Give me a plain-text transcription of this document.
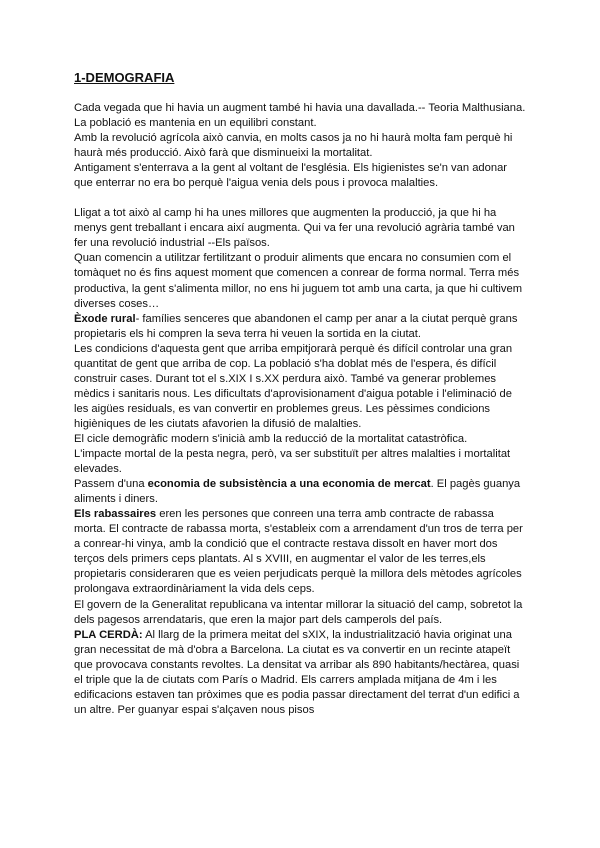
1-DEMOGRAFIA

Cada vegada que hi havia un augment també hi havia una davallada.-- Teoria Malthusiana. La població es mantenia en un equilibri constant.

Amb la revolució agrícola això canvia, en molts casos ja no hi haurà molta fam perquè hi haurà més producció. Això farà que disminueixi la mortalitat.

Antigament s'enterrava a la gent al voltant de l'església. Els higienistes se'n van adonar que enterrar no era bo perquè l'aigua venia dels pous i provoca malalties.

Lligat a tot això al camp hi ha unes millores que augmenten la producció, ja que hi ha menys gent treballant i encara així augmenta. Qui va fer una revolució agrària també van fer una revolució industrial --Els països.

Quan comencin a utilitzar fertilitzant o produir aliments que encara no consumien com el tomàquet no és fins aquest moment que comencen a conrear de forma normal. Terra més productiva, la gent s'alimenta millor, no ens hi juguem tot amb una carta, ja que hi cultivem diverses coses…

Èxode rural- famílies senceres que abandonen el camp per anar a la ciutat perquè grans propietaris els hi compren la seva terra hi veuen la sortida en la ciutat.

Les condicions d'aquesta gent que arriba empitjorarà perquè és difícil controlar una gran quantitat de gent que arriba de cop. La població s'ha doblat més de l'espera, és difícil construir cases. Durant tot el s.XIX I s.XX perdura això. També va generar problemes mèdics i sanitaris nous. Les dificultats d'aprovisionament d'aigua potable i l'eliminació de les aigües residuals, es van convertir en problemes greus. Les pèssimes condicions higièniques de les ciutats afavorien la difusió de malalties.

El cicle demogràfic modern s'inicià amb la reducció de la mortalitat catastròfica.

L'impacte mortal de la pesta negra, però, va ser substituït per altres malalties i mortalitat elevades.

Passem d'una economia de subsistència a una economia de mercat. El pagès guanya aliments i diners.

Els rabassaires eren les persones que conreen una terra amb contracte de rabassa morta. El contracte de rabassa morta, s'estableix com a arrendament d'un tros de terra per a conrear-hi vinya, amb la condició que el contracte restava dissolt en haver mort dos terços dels primers ceps plantats. Al s XVIII, en augmentar el valor de les terres,els propietaris consideraren que es veien perjudicats perquè la millora dels mètodes agrícoles prolongava extraordinàriament la vida dels ceps.

El govern de la Generalitat republicana va intentar millorar la situació del camp, sobretot la dels pagesos arrendataris, que eren la major part dels camperols del país.

PLA CERDÀ: Al llarg de la primera meitat del sXIX, la industrialització havia originat una gran necessitat de mà d'obra a Barcelona. La ciutat es va convertir en un recinte atapeït que provocava constants revoltes. La densitat va arribar als 890 habitants/hectàrea, quasi el triple que la de ciutats com París o Madrid. Els carrers amplada mitjana de 4m i les edificacions estaven tan pròximes que es podia passar directament del terrat d'un edifici a un altre. Per guanyar espai s'alçaven nous pisos
